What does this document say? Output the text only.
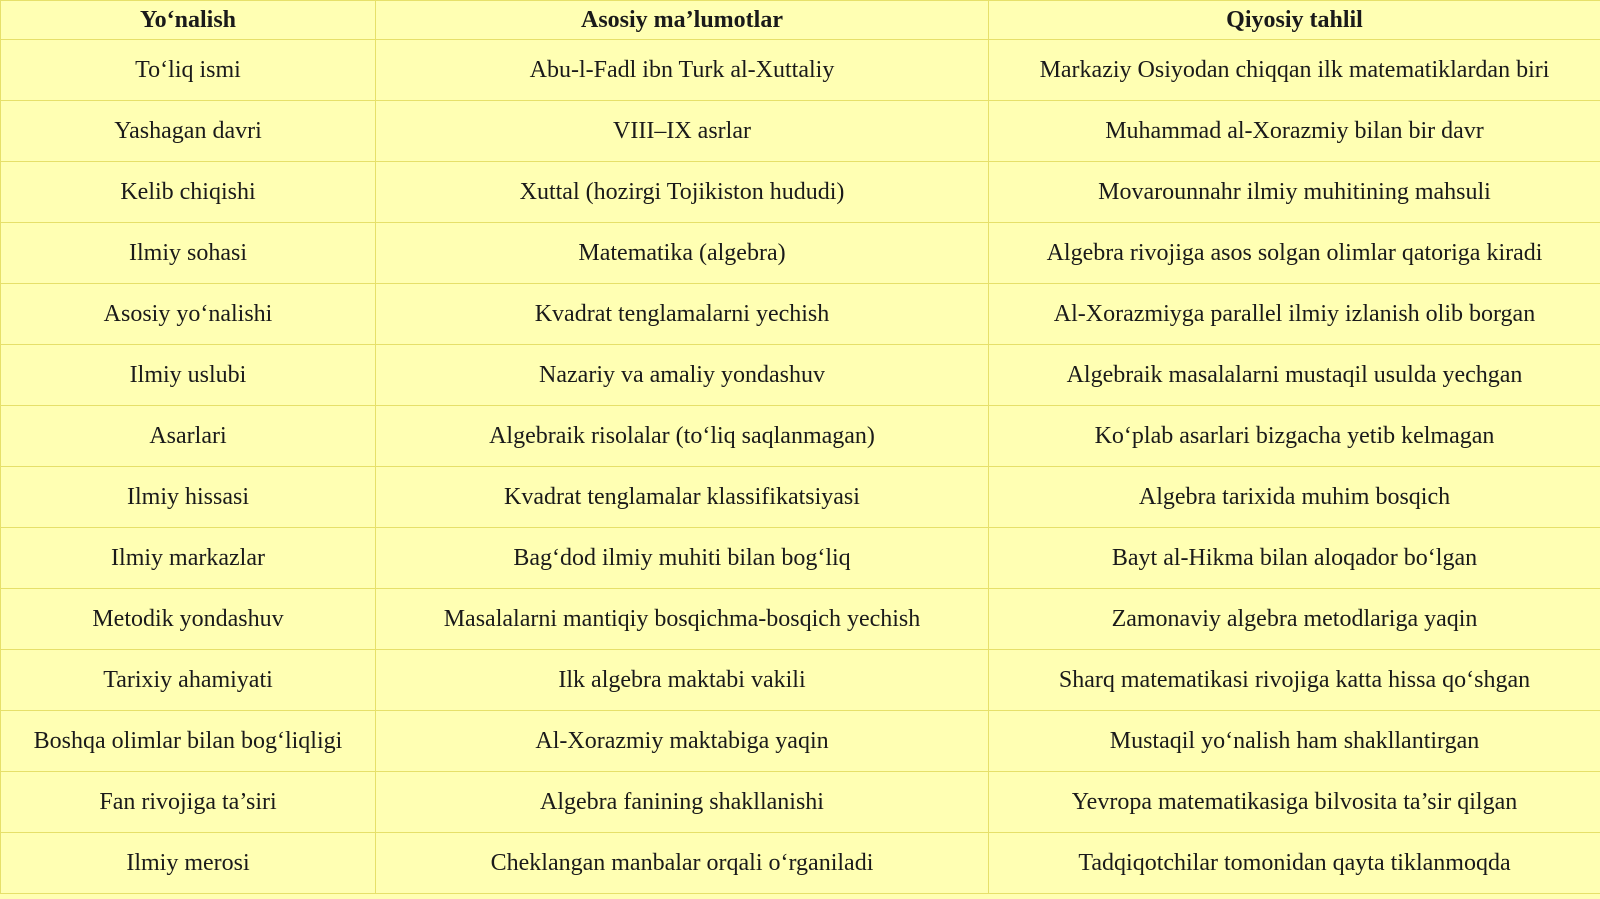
Yo‘nalish	Asosiy ma’lumotlar	Qiyosiy tahlil
To‘liq ismi	Abu-l-Fadl ibn Turk al-Xuttaliy	Markaziy Osiyodan chiqqan ilk matematiklardan biri
Yashagan davri	VIII–IX asrlar	Muhammad al-Xorazmiy bilan bir davr
Kelib chiqishi	Xuttal (hozirgi Tojikiston hududi)	Movarounnahr ilmiy muhitining mahsuli
Ilmiy sohasi	Matematika (algebra)	Algebra rivojiga asos solgan olimlar qatoriga kiradi
Asosiy yo‘nalishi	Kvadrat tenglamalarni yechish	Al-Xorazmiyga parallel ilmiy izlanish olib borgan
Ilmiy uslubi	Nazariy va amaliy yondashuv	Algebraik masalalarni mustaqil usulda yechgan
Asarlari	Algebraik risolalar (to‘liq saqlanmagan)	Ko‘plab asarlari bizgacha yetib kelmagan
Ilmiy hissasi	Kvadrat tenglamalar klassifikatsiyasi	Algebra tarixida muhim bosqich
Ilmiy markazlar	Bag‘dod ilmiy muhiti bilan bog‘liq	Bayt al-Hikma bilan aloqador bo‘lgan
Metodik yondashuv	Masalalarni mantiqiy bosqichma-bosqich yechish	Zamonaviy algebra metodlariga yaqin
Tarixiy ahamiyati	Ilk algebra maktabi vakili	Sharq matematikasi rivojiga katta hissa qo‘shgan
Boshqa olimlar bilan bog‘liqligi	Al-Xorazmiy maktabiga yaqin	Mustaqil yo‘nalish ham shakllantirgan
Fan rivojiga ta’siri	Algebra fanining shakllanishi	Yevropa matematikasiga bilvosita ta’sir qilgan
Ilmiy merosi	Cheklangan manbalar orqali o‘rganiladi	Tadqiqotchilar tomonidan qayta tiklanmoqda
